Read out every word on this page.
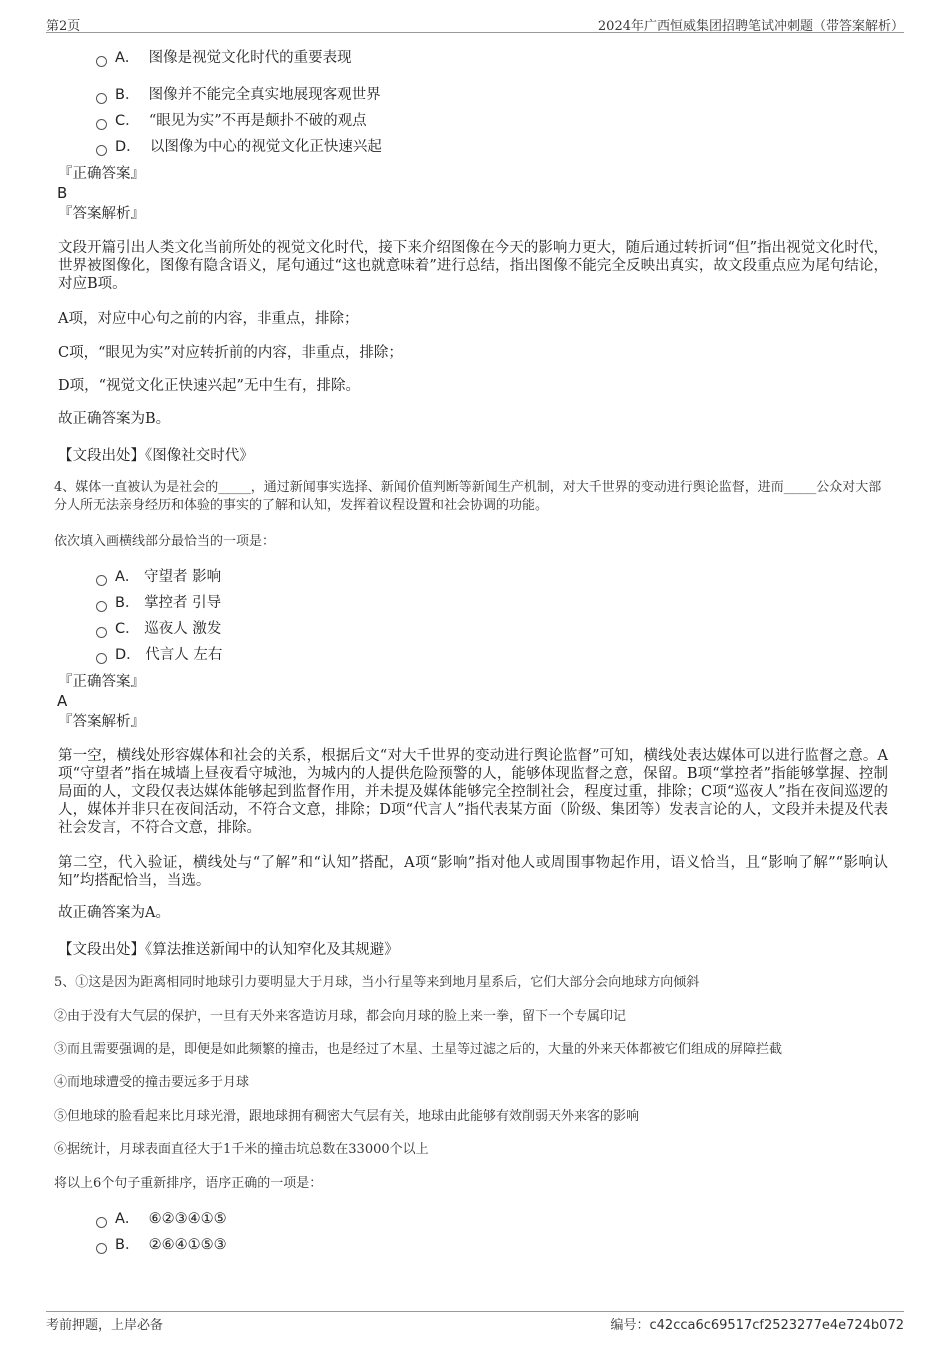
第2页	2024年广西恒威集团招聘笔试冲刺题（带答案解析）
A． 图像是视觉文化时代的重要表现
B． 图像并不能完全真实地展现客观世界
C． “眼见为实”不再是颠扑不破的观点
D． 以图像为中心的视觉文化正快速兴起
『正确答案』
B
『答案解析』
文段开篇引出人类文化当前所处的视觉文化时代，接下来介绍图像在今天的影响力更大，随后通过转折词“但”指出视觉文化时代，世界被图像化，图像有隐含语义，尾句通过“这也就意味着”进行总结，指出图像不能完全反映出真实，故文段重点应为尾句结论，对应B项。
A项，对应中心句之前的内容，非重点，排除；
C项，“眼见为实”对应转折前的内容，非重点，排除；
D项，“视觉文化正快速兴起”无中生有，排除。
故正确答案为B。
【文段出处】《图像社交时代》
4、媒体一直被认为是社会的_____，通过新闻事实选择、新闻价值判断等新闻生产机制，对大千世界的变动进行舆论监督，进而_____公众对大部分人所无法亲身经历和体验的事实的了解和认知，发挥着议程设置和社会协调的功能。
依次填入画横线部分最恰当的一项是：
A． 守望者 影响
B． 掌控者 引导
C． 巡夜人 激发
D． 代言人 左右
『正确答案』
A
『答案解析』
第一空，横线处形容媒体和社会的关系，根据后文“对大千世界的变动进行舆论监督”可知，横线处表达媒体可以进行监督之意。A项“守望者”指在城墙上昼夜看守城池，为城内的人提供危险预警的人，能够体现监督之意，保留。B项“掌控者”指能够掌握、控制局面的人，文段仅表达媒体能够起到监督作用，并未提及媒体能够完全控制社会，程度过重，排除；C项“巡夜人”指在夜间巡逻的人，媒体并非只在夜间活动，不符合文意，排除；D项“代言人”指代表某方面（阶级、集团等）发表言论的人，文段并未提及代表社会发言，不符合文意，排除。
第二空，代入验证，横线处与“了解”和“认知”搭配，A项“影响”指对他人或周围事物起作用，语义恰当，且“影响了解”“影响认知”均搭配恰当，当选。
故正确答案为A。
【文段出处】《算法推送新闻中的认知窄化及其规避》
5、①这是因为距离相同时地球引力要明显大于月球，当小行星等来到地月星系后，它们大部分会向地球方向倾斜
②由于没有大气层的保护，一旦有天外来客造访月球，都会向月球的脸上来一拳，留下一个专属印记
③而且需要强调的是，即便是如此频繁的撞击，也是经过了木星、土星等过滤之后的，大量的外来天体都被它们组成的屏障拦截
④而地球遭受的撞击要远多于月球
⑤但地球的脸看起来比月球光滑，跟地球拥有稠密大气层有关，地球由此能够有效削弱天外来客的影响
⑥据统计，月球表面直径大于1千米的撞击坑总数在33000个以上
将以上6个句子重新排序，语序正确的一项是：
A． ⑥②③④①⑤
B． ②⑥④①⑤③
考前押题，上岸必备	编号：c42cca6c69517cf2523277e4e724b072
